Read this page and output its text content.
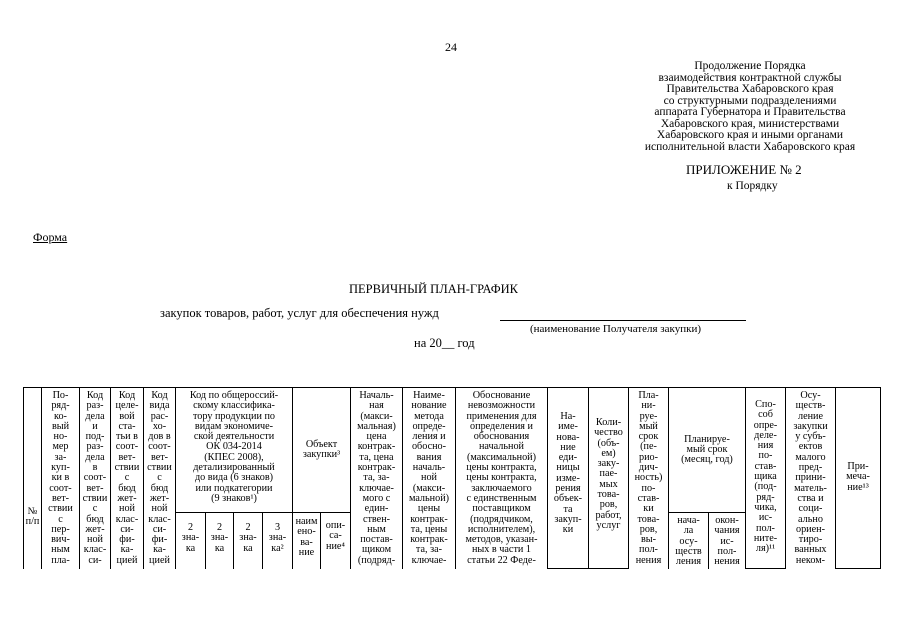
24
Продолжение Порядка
взаимодействия контрактной службы
Правительства Хабаровского края
со структурными подразделениями
аппарата Губернатора и Правительства
Хабаровского края, министерствами
Хабаровского края и иными органами
исполнительной власти Хабаровского края
ПРИЛОЖЕНИЕ № 2
к Порядку
Форма
ПЕРВИЧНЫЙ ПЛАН-ГРАФИК
закупок товаров, работ, услуг для обеспечения нужд
(наименование Получателя закупки)
на 20__ год
№
п/п
По-
ряд-
ко-
вый
но-
мер
за-
куп-
ки в
соот-
вет-
ствии
с
пер-
вич-
ным
пла-
Код
раз-
дела
и
под-
раз-
дела
в
соот-
вет-
ствии
с
бюд
жет-
ной
клас-
си-
Код
целе-
вой
ста-
тьи в
соот-
вет-
ствии
с
бюд
жет-
ной
клас-
си-
фи-
ка-
цией
Код
вида
рас-
хо-
дов в
соот-
вет-
ствии
с
бюд
жет-
ной
клас-
си-
фи-
ка-
цией
Код по общероссий-
скому классифика-
тору продукции по
видам экономиче-
ской деятельности
ОК 034-2014
(КПЕС 2008),
детализированный
до вида (6 знаков)
или подкатегории
(9 знаков¹)
2
зна-
ка
2
зна-
ка
2
зна-
ка
3
зна-
ка²
Объект
закупки³
наим
ено-
ва-
ние
опи-
са-
ние⁴
Началь-
ная
(макси-
мальная)
цена
контрак-
та, цена
контрак-
та, за-
ключае-
мого с
един-
ствен-
ным
постав-
щиком
(подряд-
Наиме-
нование
метода
опреде-
ления и
обосно-
вания
началь-
ной
(макси-
мальной)
цены
контрак-
та, цены
контрак-
та, за-
ключае-
Обоснование
невозможности
применения для
определения и
обоснования
начальной
(максимальной)
цены контракта,
цены контракта,
заключаемого
с единственным
поставщиком
(подрядчиком,
исполнителем),
методов, указан-
ных в части 1
статьи 22 Феде-
На-
име-
нова-
ние
еди-
ницы
изме-
рения
объек-
та
закуп-
ки
Коли-
чество
(объ-
ем)
заку-
пае-
мых
това-
ров,
работ,
услуг
Пла-
ни-
руе-
мый
срок
(пе-
рио-
дич-
ность)
по-
став-
ки
това-
ров,
вы-
пол-
нения
Планируе-
мый срок
(месяц, год)
нача-
ла
осу-
ществ
ления
окон-
чания
ис-
пол-
нения
Спо-
соб
опре-
деле-
ния
по-
став-
щика
(под-
ряд-
чика,
ис-
пол-
ните-
ля)¹¹
Осу-
ществ-
ление
закупки
у субъ-
ектов
малого
пред-
прини-
матель-
ства и
соци-
ально
ориен-
тиро-
ванных
неком-
При-
меча-
ние¹³
